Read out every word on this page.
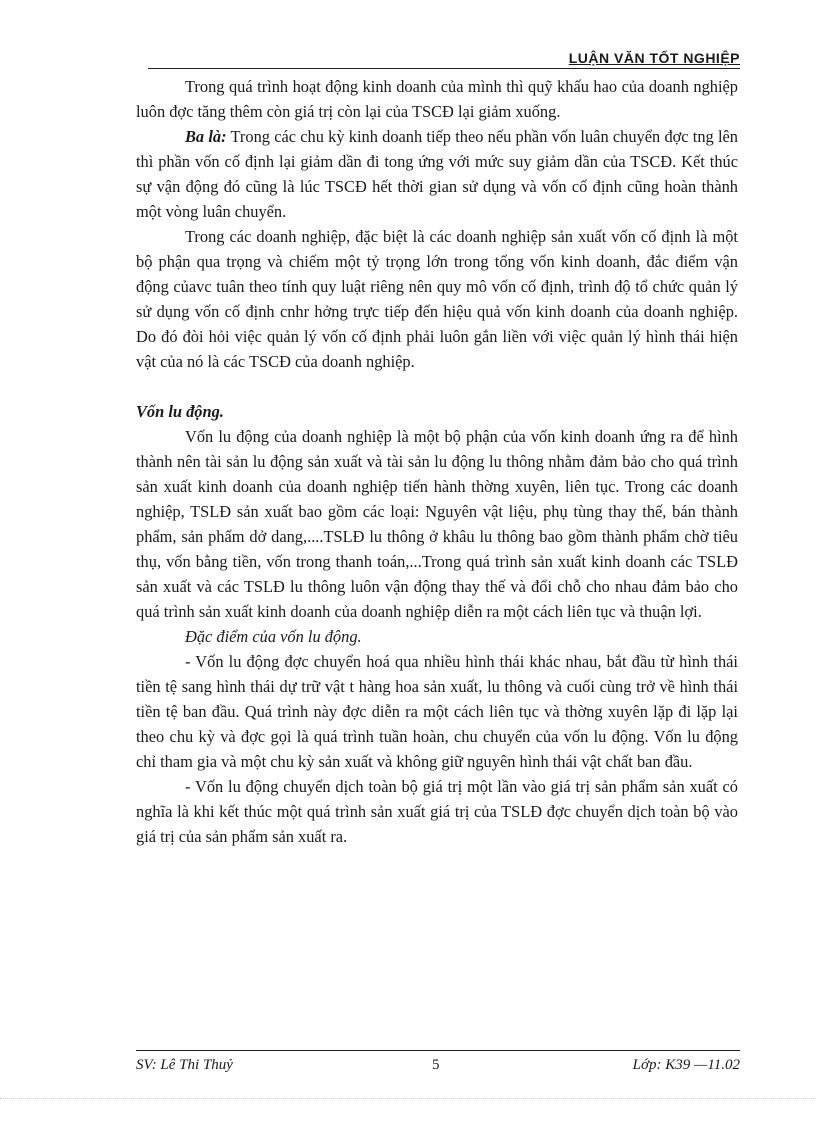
LUẬN VĂN TỐT NGHIỆP

Trong quá trình hoạt động kinh doanh của mình thì quỹ khấu hao của doanh nghiệp luôn đợc tăng thêm còn giá trị còn lại của TSCĐ lại giảm xuống.

Ba là: Trong các chu kỳ kinh doanh tiếp theo nếu phần vốn luân chuyển đợc tng lên thì phần vốn cố định lại giảm dần đi tong ứng với mức suy giảm dần của TSCĐ. Kết thúc sự vận động đó cũng là lúc TSCĐ hết thời gian sử dụng và vốn cố định cũng hoàn thành một vòng luân chuyển.

Trong các doanh nghiệp, đặc biệt là các doanh nghiệp sản xuất vốn cố định là một bộ phận qua trọng và chiếm một tỷ trọng lớn trong tổng vốn kinh doanh, đắc điểm vận động củavc tuân theo tính quy luật riêng nên quy mô vốn cố định, trình độ tổ chức quản lý sử dụng vốn cố định cnhr hởng trực tiếp đến hiệu quả vốn kinh doanh của doanh nghiệp. Do đó đòi hỏi việc quản lý vốn cố định phải luôn gắn liền với việc quản lý hình thái hiện vật của nó là các TSCĐ của doanh nghiệp.

Vốn lu động.

Vốn lu động của doanh nghiệp là một bộ phận của vốn kinh doanh ứng ra để hình thành nên tài sản lu động sản xuất và tài sản lu động lu thông nhằm đảm bảo cho quá trình sản xuất kinh doanh của doanh nghiệp tiến hành thờng xuyên, liên tục. Trong các doanh nghiệp, TSLĐ sản xuất bao gồm các loại: Nguyên vật liệu, phụ tùng thay thế, bán thành phẩm, sản phẩm dở dang,....TSLĐ lu thông ở khâu lu thông bao gồm thành phẩm chờ tiêu thụ, vốn bằng tiền, vốn trong thanh toán,...Trong quá trình sản xuất kinh doanh các TSLĐ sản xuất và các TSLĐ lu thông luôn vận động thay thế và đổi chỗ cho nhau đảm bảo cho quá trình sản xuất kinh doanh của doanh nghiệp diễn ra một cách liên tục và thuận lợi.

Đặc điểm của vốn lu động.

- Vốn lu động đợc chuyển hoá qua nhiều hình thái khác nhau, bắt đầu từ hình thái tiền tệ sang hình thái dự trữ vật t hàng hoa sản xuất, lu thông và cuối cùng trở về hình thái tiền tệ ban đầu. Quá trình này đợc diễn ra một cách liên tục và thờng xuyên lặp đi lặp lại theo chu kỳ và đợc gọi là quá trình tuần hoàn, chu chuyển của vốn lu động. Vốn lu động chỉ tham gia và một chu kỳ sản xuất và không giữ nguyên hình thái vật chất ban đầu.

- Vốn lu động chuyển dịch toàn bộ giá trị một lần vào giá trị sản phẩm sản xuất có nghĩa là khi kết thúc một quá trình sản xuất giá trị của TSLĐ đợc chuyển dịch toàn bộ vào giá trị của sản phẩm sản xuất ra.

SV: Lê Thi Thuỷ	5	Lớp: K39 —11.02
